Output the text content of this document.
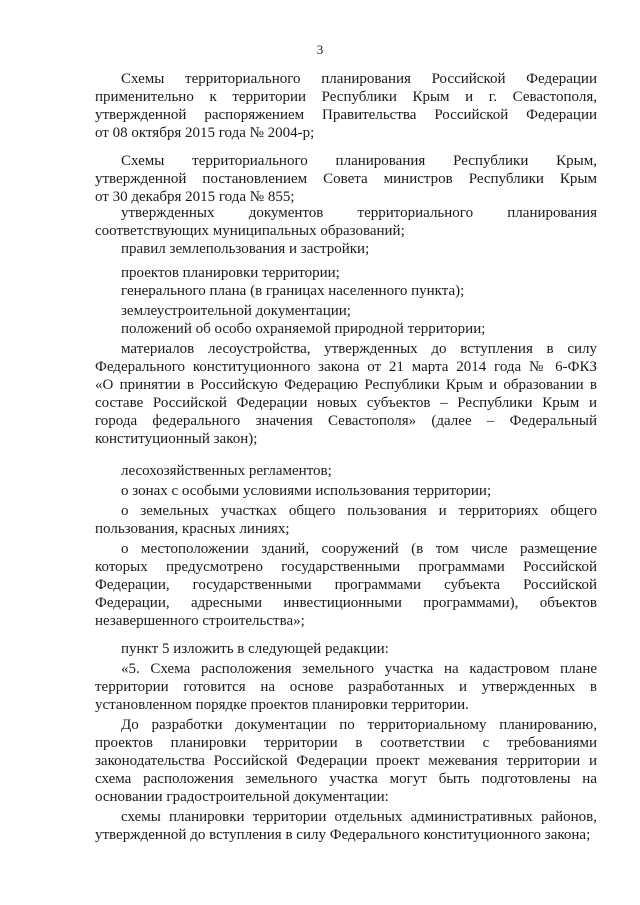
3
Схемы территориального планирования Российской Федерации
применительно к территории Республики Крым и г. Севастополя,
утвержденной распоряжением Правительства Российской Федерации
от 08 октября 2015 года № 2004-р;
Схемы территориального планирования Республики Крым,
утвержденной постановлением Совета министров Республики Крым
от 30 декабря 2015 года № 855;
утвержденных документов территориального планирования
соответствующих муниципальных образований;
правил землепользования и застройки;
проектов планировки территории;
генерального плана (в границах населенного пункта);
землеустроительной документации;
положений об особо охраняемой природной территории;
материалов лесоустройства, утвержденных до вступления в силу
Федерального конституционного закона от 21 марта 2014 года № 6-ФКЗ
«О принятии в Российскую Федерацию Республики Крым и образовании в
составе Российской Федерации новых субъектов – Республики Крым и
города федерального значения Севастополя» (далее – Федеральный
конституционный закон);
лесохозяйственных регламентов;
о зонах с особыми условиями использования территории;
о земельных участках общего пользования и территориях общего
пользования, красных линиях;
о местоположении зданий, сооружений (в том числе размещение
которых предусмотрено государственными программами Российской
Федерации, государственными программами субъекта Российской
Федерации, адресными инвестиционными программами), объектов
незавершенного строительства»;
пункт 5 изложить в следующей редакции:
«5. Схема расположения земельного участка на кадастровом плане
территории готовится на основе разработанных и утвержденных в
установленном порядке проектов планировки территории.
До разработки документации по территориальному планированию,
проектов планировки территории в соответствии с требованиями
законодательства Российской Федерации проект межевания территории и
схема расположения земельного участка могут быть подготовлены на
основании градостроительной документации:
схемы планировки территории отдельных административных районов,
утвержденной до вступления в силу Федерального конституционного закона;
